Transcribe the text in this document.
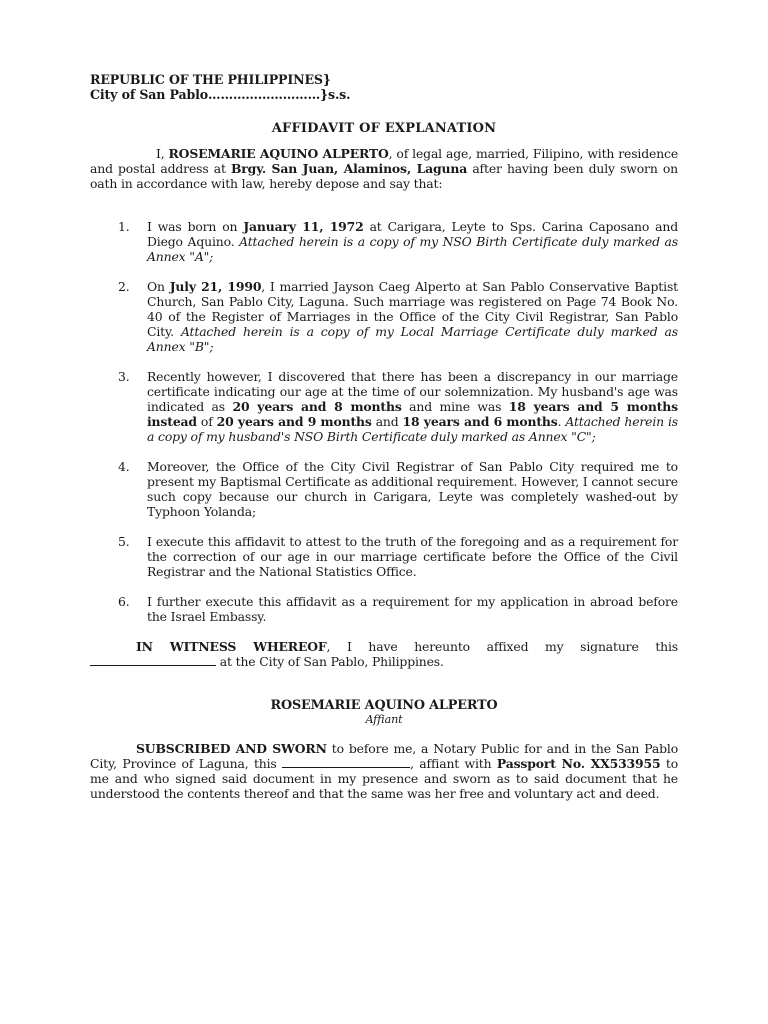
REPUBLIC OF THE PHILIPPINES}
City of San Pablo………………………}s.s.
AFFIDAVIT OF EXPLANATION
I, ROSEMARIE AQUINO ALPERTO, of legal age, married, Filipino, with residence and postal address at Brgy. San Juan, Alaminos, Laguna after having been duly sworn on oath in accordance with law, hereby depose and say that:
1. I was born on January 11, 1972 at Carigara, Leyte to Sps. Carina Caposano and Diego Aquino. Attached herein is a copy of my NSO Birth Certificate duly marked as Annex "A";
2. On July 21, 1990, I married Jayson Caeg Alperto at San Pablo Conservative Baptist Church, San Pablo City, Laguna. Such marriage was registered on Page 74 Book No. 40 of the Register of Marriages in the Office of the City Civil Registrar, San Pablo City. Attached herein is a copy of my Local Marriage Certificate duly marked as Annex "B";
3. Recently however, I discovered that there has been a discrepancy in our marriage certificate indicating our age at the time of our solemnization. My husband's age was indicated as 20 years and 8 months and mine was 18 years and 5 months instead of 20 years and 9 months and 18 years and 6 months. Attached herein is a copy of my husband's NSO Birth Certificate duly marked as Annex "C";
4. Moreover, the Office of the City Civil Registrar of San Pablo City required me to present my Baptismal Certificate as additional requirement. However, I cannot secure such copy because our church in Carigara, Leyte was completely washed-out by Typhoon Yolanda;
5. I execute this affidavit to attest to the truth of the foregoing and as a requirement for the correction of our age in our marriage certificate before the Office of the Civil Registrar and the National Statistics Office.
6. I further execute this affidavit as a requirement for my application in abroad before the Israel Embassy.
IN WITNESS WHEREOF, I have hereunto affixed my signature this  at the City of San Pablo, Philippines.
ROSEMARIE AQUINO ALPERTO
Affiant
SUBSCRIBED AND SWORN to before me, a Notary Public for and in the San Pablo City, Province of Laguna, this	, affiant with Passport No. XX533955 to me and who signed said document in my presence and sworn as to said document that he understood the contents thereof and that the same was her free and voluntary act and deed.
